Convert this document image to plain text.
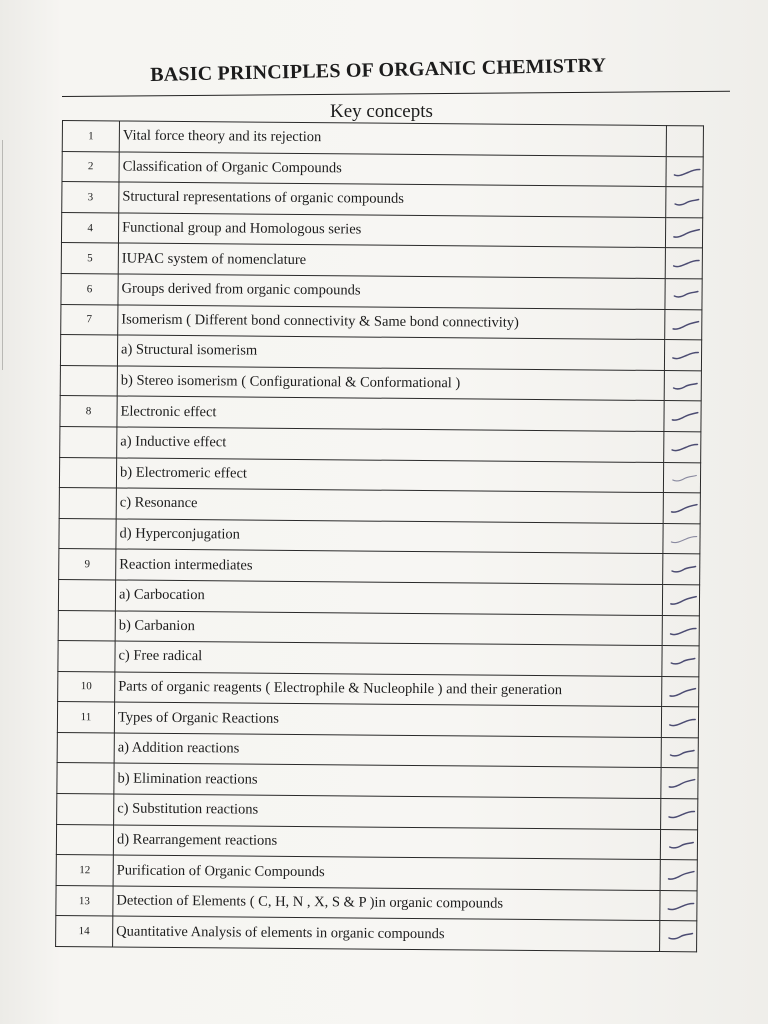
BASIC PRINCIPLES OF ORGANIC CHEMISTRY
Key concepts
1	Vital force theory and its rejection	
2	Classification of Organic Compounds	

3	Structural representations of organic compounds	

4	Functional group and Homologous series	

5	IUPAC system of nomenclature	

6	Groups derived from organic compounds	

7	Isomerism ( Different bond connectivity & Same bond connectivity)	

	a) Structural isomerism	

	b) Stereo isomerism ( Configurational & Conformational )	

8	Electronic effect	

	a) Inductive effect	

	b) Electromeric effect	

	c) Resonance	

	d) Hyperconjugation	

9	Reaction intermediates	

	a) Carbocation	

	b) Carbanion	

	c) Free radical	

10	Parts of organic reagents ( Electrophile & Nucleophile ) and their generation	

11	Types of Organic Reactions	

	a) Addition reactions	

	b) Elimination reactions	

	c) Substitution reactions	

	d) Rearrangement reactions	

12	Purification of Organic Compounds	

13	Detection of Elements ( C, H, N , X, S & P )in organic compounds	

14	Quantitative Analysis of elements in organic compounds	
